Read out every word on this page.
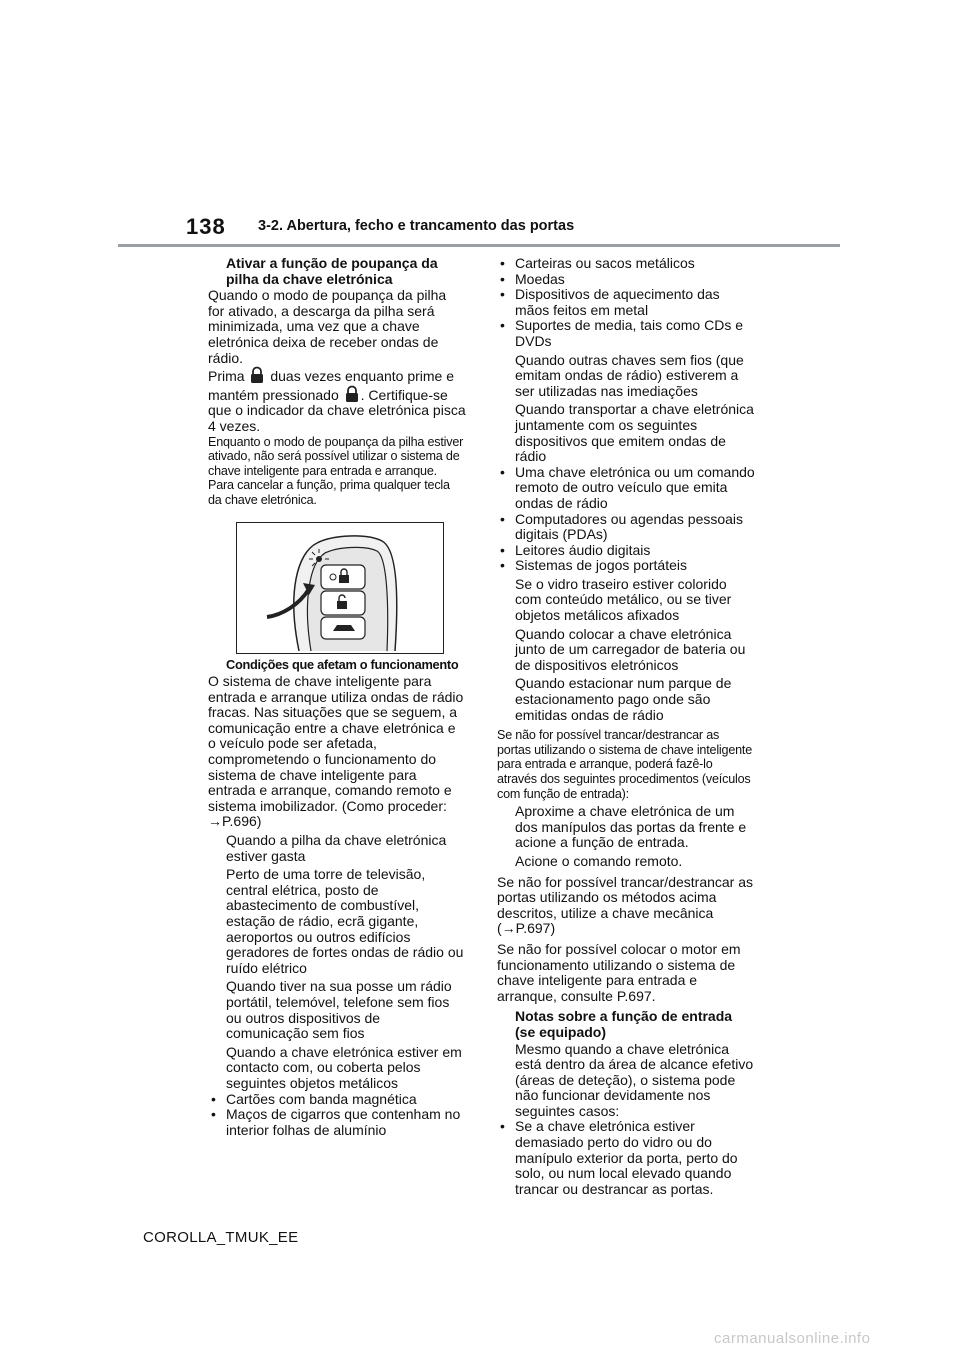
138 3-2. Abertura, fecho e trancamento das portas

Ativar a função de poupança da
pilha da chave eletrónica

Quando o modo de poupança da pilha for ativado, a descarga da pilha será minimizada, uma vez que a chave eletrónica deixa de receber ondas de rádio.

Prima duas vezes enquanto prime e mantém pressionado . Certifique-se que o indicador da chave eletrónica pisca 4 vezes.

Enquanto o modo de poupança da pilha estiver ativado, não será possível utilizar o sistema de chave inteligente para entrada e arranque. Para cancelar a função, prima qualquer tecla da chave eletrónica.

Condições que afetam o funcionamento

O sistema de chave inteligente para entrada e arranque utiliza ondas de rádio fracas. Nas situações que se seguem, a comunicação entre a chave eletrónica e o veículo pode ser afetada, comprometendo o funcionamento do sistema de chave inteligente para entrada e arranque, comando remoto e sistema imobilizador. (Como proceder:
→P.696)

Quando a pilha da chave eletrónica estiver gasta

Perto de uma torre de televisão, central elétrica, posto de abastecimento de combustível, estação de rádio, ecrã gigante, aeroportos ou outros edifícios geradores de fortes ondas de rádio ou ruído elétrico

Quando tiver na sua posse um rádio portátil, telemóvel, telefone sem fios ou outros dispositivos de comunicação sem fios

Quando a chave eletrónica estiver em contacto com, ou coberta pelos seguintes objetos metálicos

• Cartões com banda magnética
• Maços de cigarros que contenham no interior folhas de alumínio
• Carteiras ou sacos metálicos
• Moedas
• Dispositivos de aquecimento das mãos feitos em metal
• Suportes de media, tais como CDs e DVDs

Quando outras chaves sem fios (que emitam ondas de rádio) estiverem a ser utilizadas nas imediações

Quando transportar a chave eletrónica juntamente com os seguintes dispositivos que emitem ondas de rádio

• Uma chave eletrónica ou um comando remoto de outro veículo que emita ondas de rádio
• Computadores ou agendas pessoais digitais (PDAs)
• Leitores áudio digitais
• Sistemas de jogos portáteis

Se o vidro traseiro estiver colorido com conteúdo metálico, ou se tiver objetos metálicos afixados

Quando colocar a chave eletrónica junto de um carregador de bateria ou de dispositivos eletrónicos

Quando estacionar num parque de estacionamento pago onde são emitidas ondas de rádio

Se não for possível trancar/destrancar as portas utilizando o sistema de chave inteligente para entrada e arranque, poderá fazê-lo através dos seguintes procedimentos (veículos com função de entrada):

Aproxime a chave eletrónica de um dos manípulos das portas da frente e acione a função de entrada.

Acione o comando remoto.

Se não for possível trancar/destrancar as portas utilizando os métodos acima descritos, utilize a chave mecânica
(→P.697)

Se não for possível colocar o motor em funcionamento utilizando o sistema de chave inteligente para entrada e arranque, consulte P.697.

Notas sobre a função de entrada
(se equipado)

Mesmo quando a chave eletrónica está dentro da área de alcance efetivo (áreas de deteção), o sistema pode não funcionar devidamente nos seguintes casos:

• Se a chave eletrónica estiver demasiado perto do vidro ou do manípulo exterior da porta, perto do solo, ou num local elevado quando trancar ou destrancar as portas.
COROLLA_TMUK_EE
carmanualsonline.info
